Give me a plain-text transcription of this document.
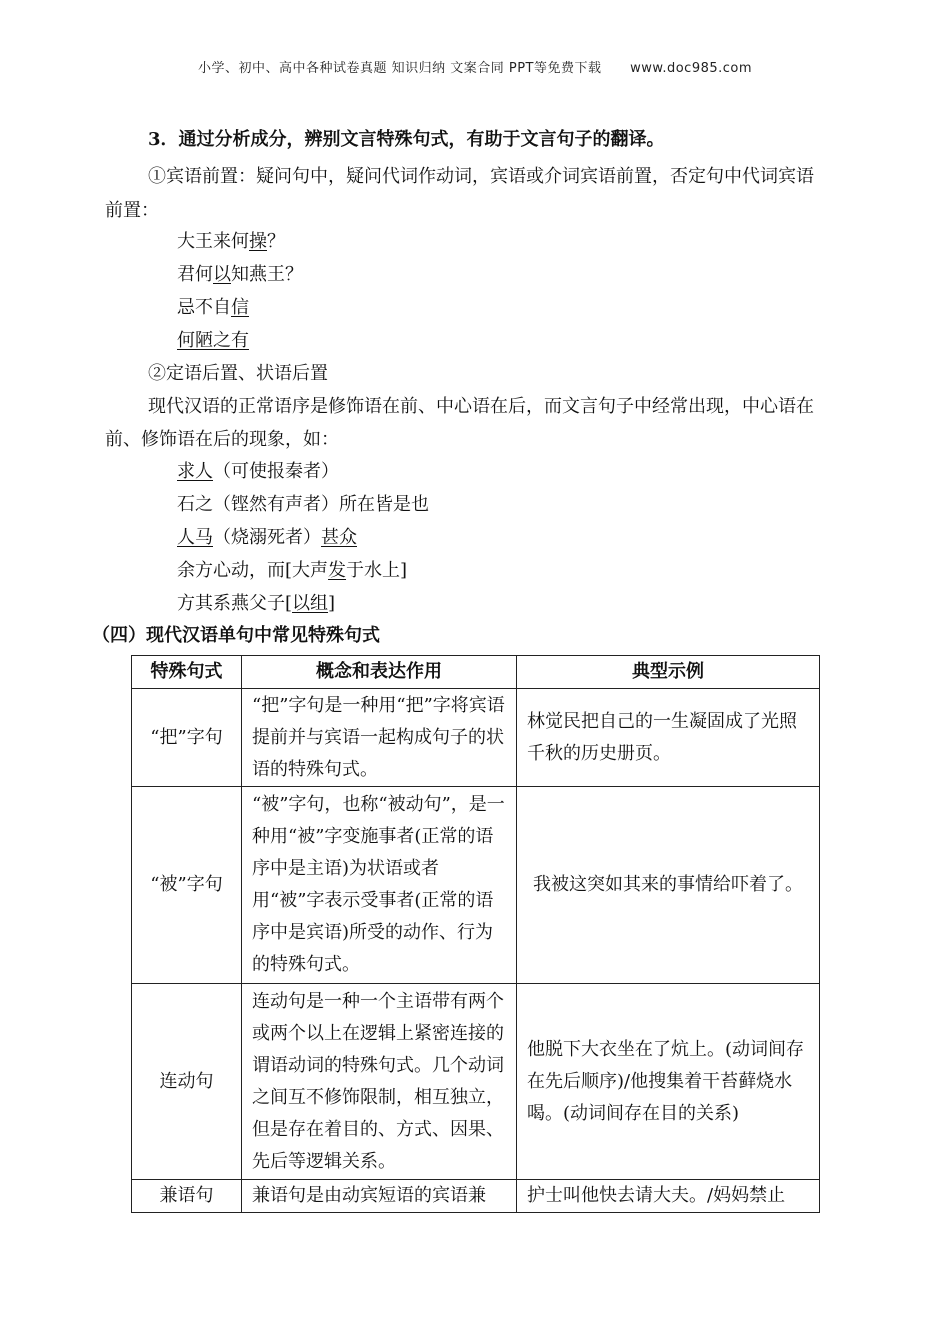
小学、初中、高中各种试卷真题 知识归纳 文案合同 PPT等免费下载 www.doc985.com
3．通过分析成分，辨别文言特殊句式，有助于文言句子的翻译。
①宾语前置：疑问句中，疑问代词作动词，宾语或介词宾语前置，否定句中代词宾语
前置：
大王来何操？
君何以知燕王？
忌不自信
何陋之有
②定语后置、状语后置
现代汉语的正常语序是修饰语在前、中心语在后，而文言句子中经常出现，中心语在
前、修饰语在后的现象，如：
求人（可使报秦者）
石之（铿然有声者）所在皆是也
人马（烧溺死者）甚众
余方心动，而[大声发于水上]
方其系燕父子[以组]
（四）现代汉语单句中常见特殊句式
特殊句式	概念和表达作用	典型示例
“把”字句	“把”字句是一种用“把”字将宾语提前并与宾语一起构成句子的状语的特殊句式。	林觉民把自己的一生凝固成了光照千秋的历史册页。
“被”字句	“被”字句，也称“被动句”，是一种用“被”字变施事者(正常的语序中是主语)为状语或者用“被”字表示受事者(正常的语序中是宾语)所受的动作、行为的特殊句式。	我被这突如其来的事情给吓着了。
连动句	连动句是一种一个主语带有两个或两个以上在逻辑上紧密连接的谓语动词的特殊句式。几个动词之间互不修饰限制，相互独立，但是存在着目的、方式、因果、先后等逻辑关系。	他脱下大衣坐在了炕上。(动词间存在先后顺序)/他搜集着干苔藓烧水喝。(动词间存在目的关系)
兼语句	兼语句是由动宾短语的宾语兼	护士叫他快去请大夫。/妈妈禁止
